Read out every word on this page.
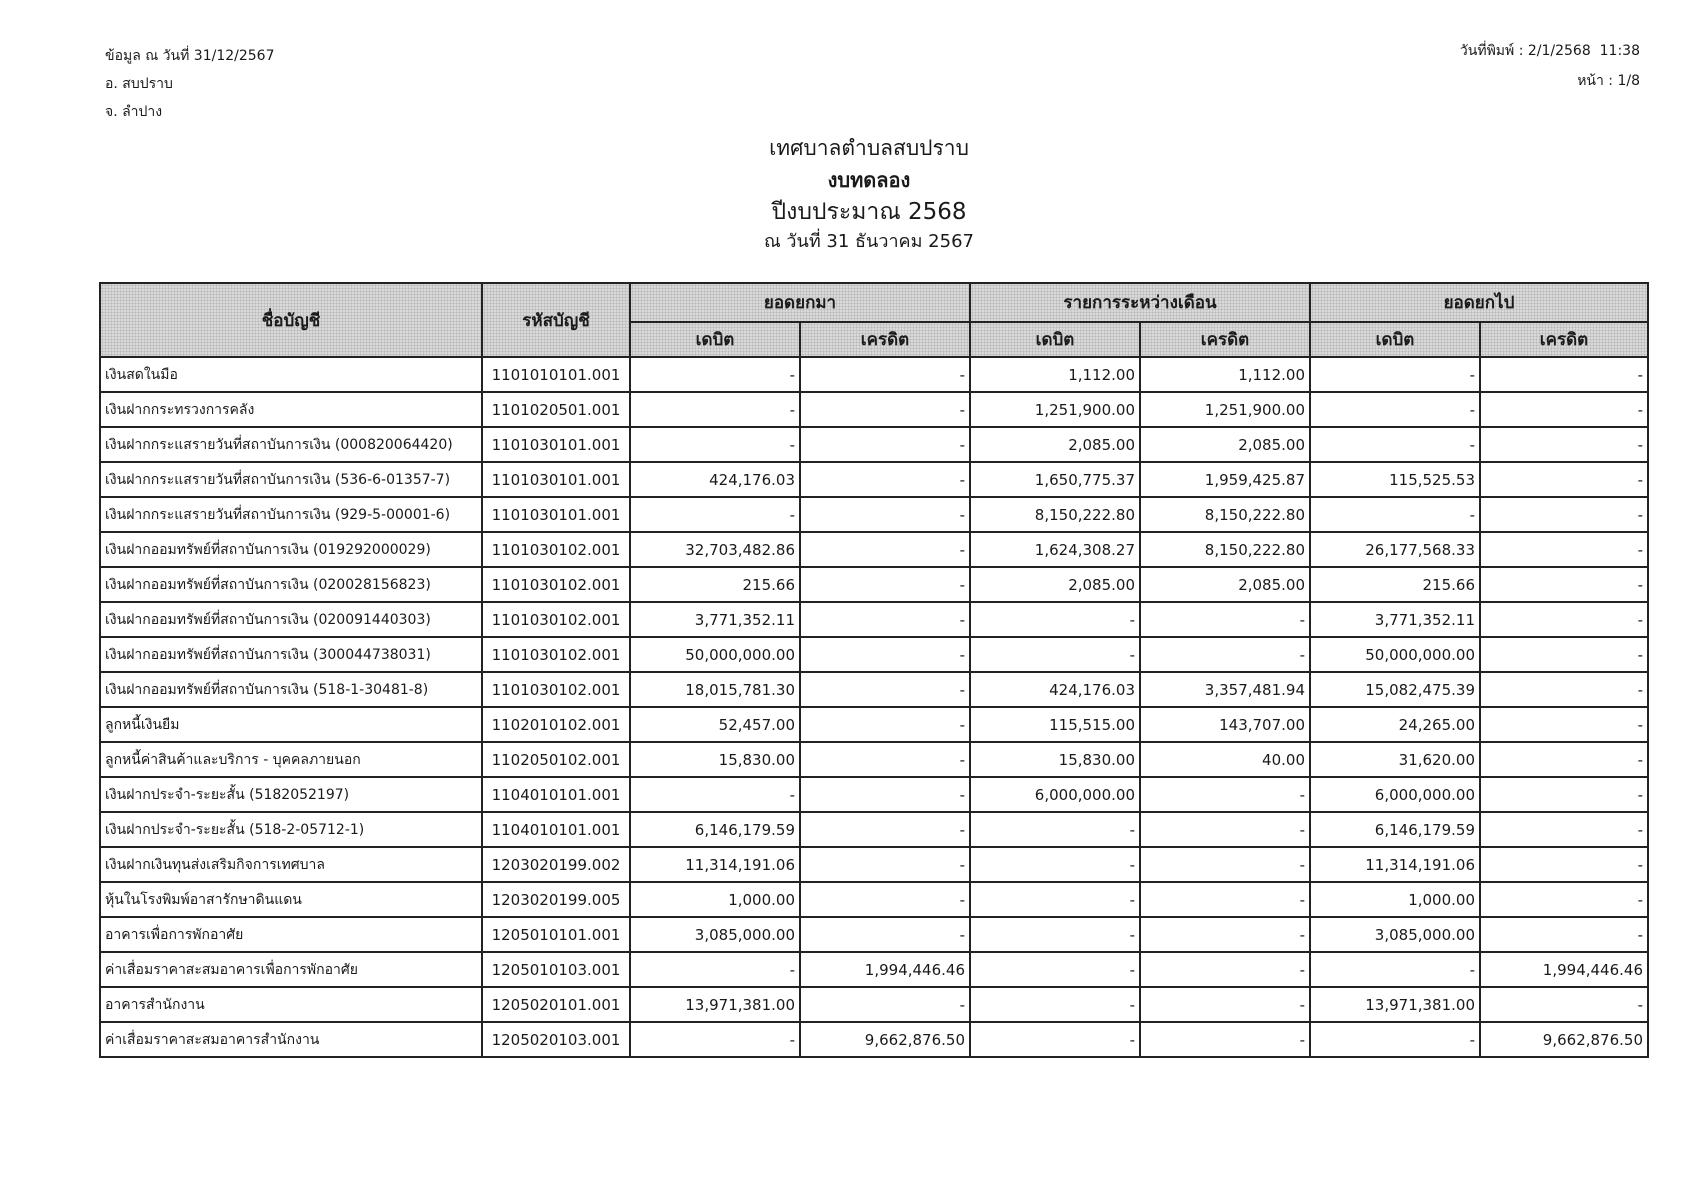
ข้อมูล ณ วันที่ 31/12/2567
อ. สบปราบ
จ. ลำปาง
วันที่พิมพ์ : 2/1/2568  11:38
หน้า : 1/8
เทศบาลตำบลสบปราบ
งบทดลอง
ปีงบประมาณ 2568
ณ วันที่ 31 ธันวาคม 2567
ชื่อบัญชี	รหัสบัญชี	ยอดยกมา		รายการระหว่างเดือน		ยอดยกไป	
		เดบิต	เครดิต	เดบิต	เครดิต	เดบิต	เครดิต
เงินสดในมือ	1101010101.001	-	-	1,112.00	1,112.00	-	-
เงินฝากกระทรวงการคลัง	1101020501.001	-	-	1,251,900.00	1,251,900.00	-	-
เงินฝากกระแสรายวันที่สถาบันการเงิน (000820064420)	1101030101.001	-	-	2,085.00	2,085.00	-	-
เงินฝากกระแสรายวันที่สถาบันการเงิน (536-6-01357-7)	1101030101.001	424,176.03	-	1,650,775.37	1,959,425.87	115,525.53	-
เงินฝากกระแสรายวันที่สถาบันการเงิน (929-5-00001-6)	1101030101.001	-	-	8,150,222.80	8,150,222.80	-	-
เงินฝากออมทรัพย์ที่สถาบันการเงิน (019292000029)	1101030102.001	32,703,482.86	-	1,624,308.27	8,150,222.80	26,177,568.33	-
เงินฝากออมทรัพย์ที่สถาบันการเงิน (020028156823)	1101030102.001	215.66	-	2,085.00	2,085.00	215.66	-
เงินฝากออมทรัพย์ที่สถาบันการเงิน (020091440303)	1101030102.001	3,771,352.11	-	-	-	3,771,352.11	-
เงินฝากออมทรัพย์ที่สถาบันการเงิน (300044738031)	1101030102.001	50,000,000.00	-	-	-	50,000,000.00	-
เงินฝากออมทรัพย์ที่สถาบันการเงิน (518-1-30481-8)	1101030102.001	18,015,781.30	-	424,176.03	3,357,481.94	15,082,475.39	-
ลูกหนี้เงินยืม	1102010102.001	52,457.00	-	115,515.00	143,707.00	24,265.00	-
ลูกหนี้ค่าสินค้าและบริการ - บุคคลภายนอก	1102050102.001	15,830.00	-	15,830.00	40.00	31,620.00	-
เงินฝากประจำ-ระยะสั้น (5182052197)	1104010101.001	-	-	6,000,000.00	-	6,000,000.00	-
เงินฝากประจำ-ระยะสั้น (518-2-05712-1)	1104010101.001	6,146,179.59	-	-	-	6,146,179.59	-
เงินฝากเงินทุนส่งเสริมกิจการเทศบาล	1203020199.002	11,314,191.06	-	-	-	11,314,191.06	-
หุ้นในโรงพิมพ์อาสารักษาดินแดน	1203020199.005	1,000.00	-	-	-	1,000.00	-
อาคารเพื่อการพักอาศัย	1205010101.001	3,085,000.00	-	-	-	3,085,000.00	-
ค่าเสื่อมราคาสะสมอาคารเพื่อการพักอาศัย	1205010103.001	-	1,994,446.46	-	-	-	1,994,446.46
อาคารสำนักงาน	1205020101.001	13,971,381.00	-	-	-	13,971,381.00	-
ค่าเสื่อมราคาสะสมอาคารสำนักงาน	1205020103.001	-	9,662,876.50	-	-	-	9,662,876.50
